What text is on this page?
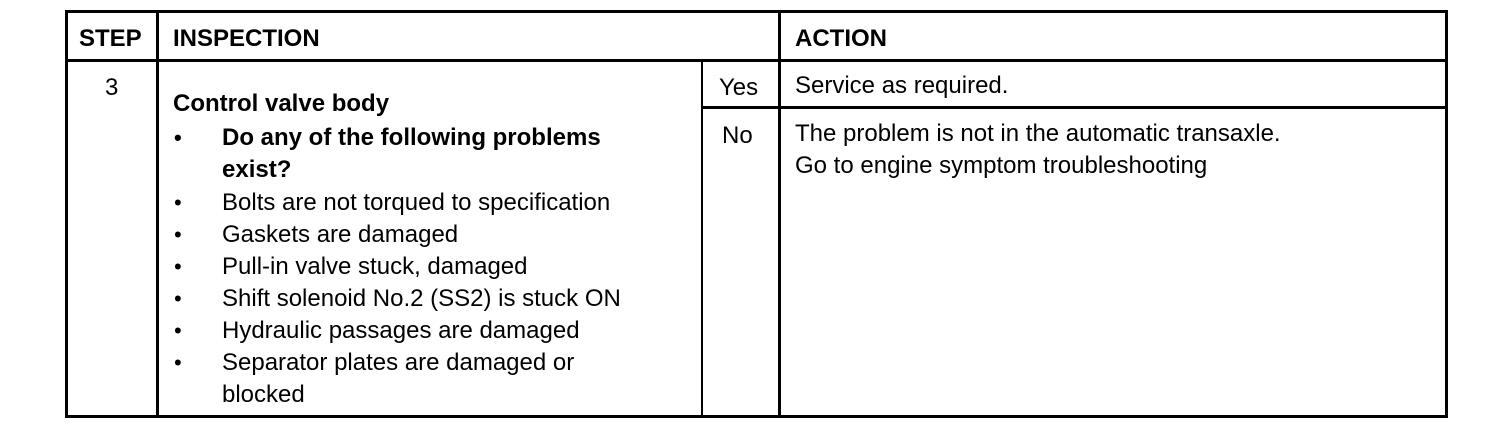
STEP INSPECTION	ACTION
3
Control valve body
• Do any of the following problems exist?
• Bolts are not torqued to specification
• Gaskets are damaged
• Pull-in valve stuck, damaged
• Shift solenoid No.2 (SS2) is stuck ON
• Hydraulic passages are damaged
• Separator plates are damaged or blocked
Yes
No
Service as required.
The problem is not in the automatic transaxle.
Go to engine symptom troubleshooting
